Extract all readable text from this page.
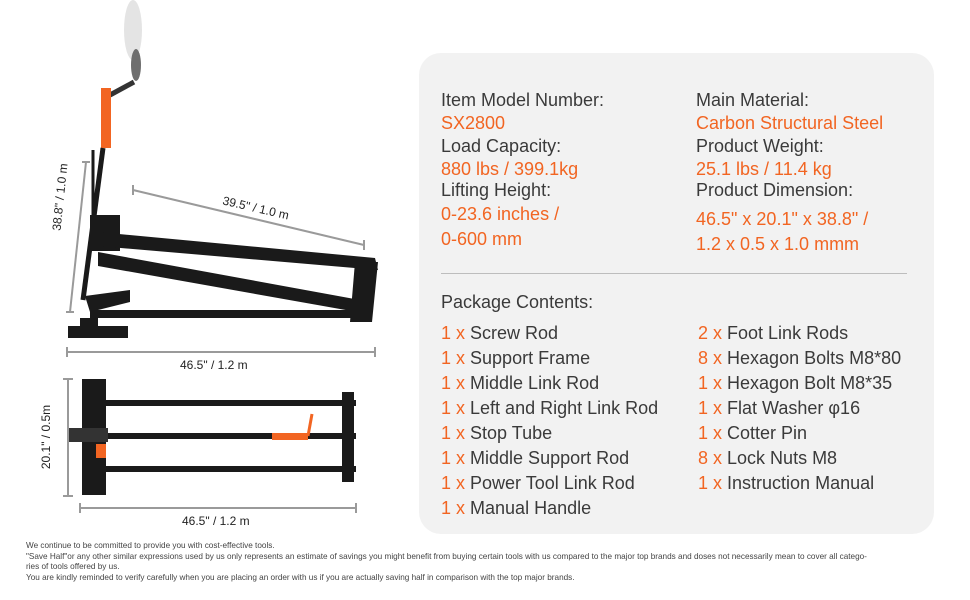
38.8" / 1.0 m	39.5" / 1.0 m
46.5" / 1.2 m
20.1" / 0.5m
46.5" / 1.2 m
Item Model Number:
SX2800
Load Capacity:
880 lbs / 399.1kg
Lifting Height:
0-23.6 inches /
0-600 mm
Main Material:
Carbon Structural Steel
Product Weight:
25.1 lbs / 11.4 kg
Product Dimension:
46.5" x 20.1" x 38.8" /
1.2 x 0.5 x 1.0 mmm
Package Contents:
1 x Screw Rod
1 x Support Frame
1 x Middle Link Rod
1 x Left and Right Link Rod
1 x Stop Tube
1 x Middle Support Rod
1 x Power Tool Link Rod
1 x Manual Handle
2 x Foot Link Rods
8 x Hexagon Bolts M8*80
1 x Hexagon Bolt M8*35
1 x Flat Washer φ16
1 x Cotter Pin
8 x Lock Nuts M8
1 x Instruction Manual

We continue to be committed to provide you with cost-effective tools.

"Save Half"or any other similar expressions used by us only represents an estimate of savings you might benefit from buying certain tools with us compared to the major top brands and doses not necessarily mean to cover all catego-

ries of tools offered by us.

You are kindly reminded to verify carefully when you are placing an order with us if you are actually saving half in comparison with the top major brands.
